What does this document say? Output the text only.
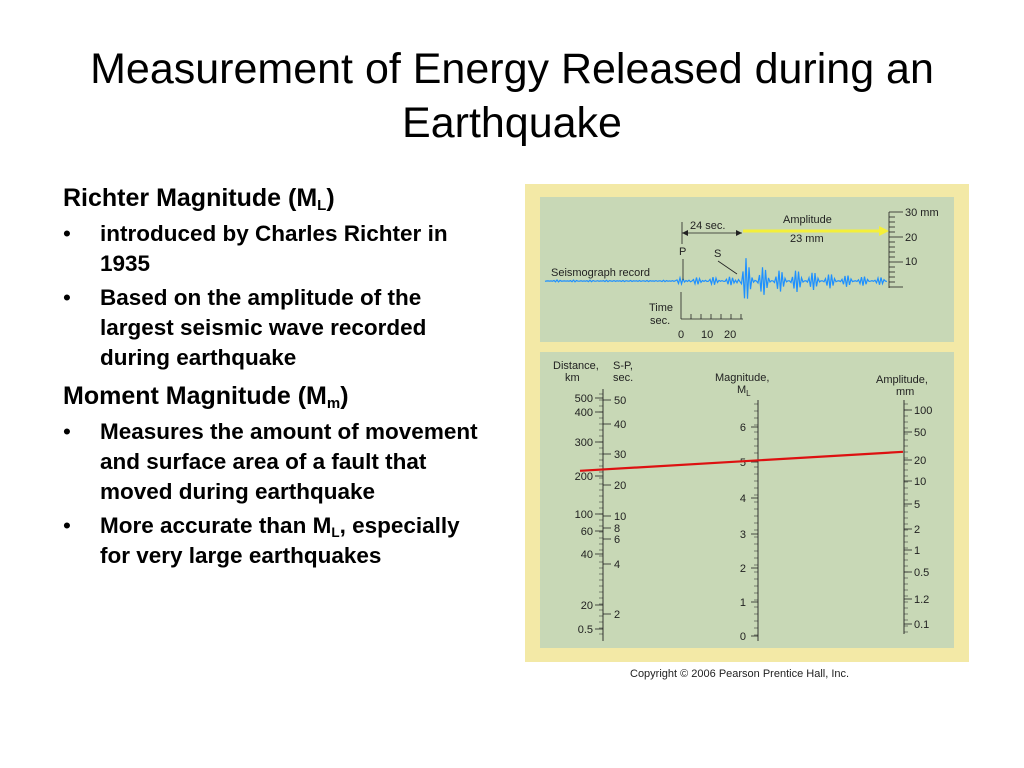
Measurement of Energy Released during an
Earthquake
Richter Magnitude $(M_L)$
• introduced by Charles Richter in 1935
• Based on the amplitude of the largest seismic wave recorded during earthquake
Moment Magnitude $(M_m)$
• Measures the amount of movement and surface area of a fault that moved during earthquake
• More accurate than $M_L$, especially for very large earthquakes
Seismograph record
P	S
24 sec.	Amplitude
23 mm
Time
sec.
0 10 20
30 mm
20
10
Distance,
km
S-P,
sec.	Magnitude,
$M_L$
Amplitude,
mm
500
400
300
200
100
60
40
20
0.5
50
40
30
20
10
8
6
4
2
6
5
4
3
2
1
0
100
50
20
10
5
2
1
0.5
1.2
0.1
Copyright © 2006 Pearson Prentice Hall, Inc.
